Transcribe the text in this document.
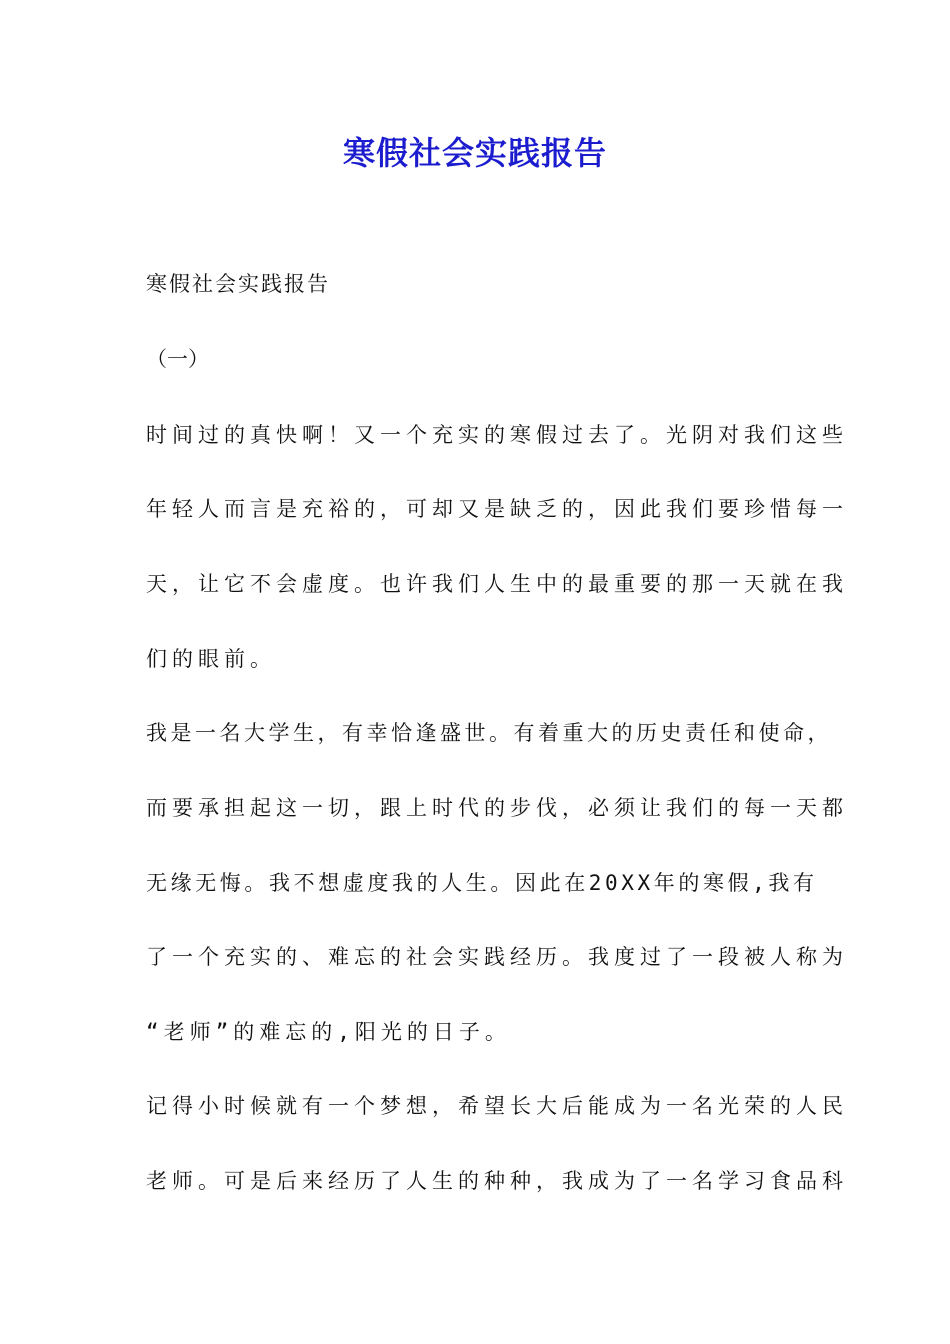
寒假社会实践报告

寒假社会实践报告

（一）

时间过的真快啊！又一个充实的寒假过去了。光阴对我们这些

年轻人而言是充裕的，可却又是缺乏的，因此我们要珍惜每一

天，让它不会虚度。也许我们人生中的最重要的那一天就在我

们的眼前。

我是一名大学生，有幸恰逢盛世。有着重大的历史责任和使命，

而要承担起这一切，跟上时代的步伐，必须让我们的每一天都

无缘无悔。我不想虚度我的人生。因此在20XX年的寒假,我有

了一个充实的、难忘的社会实践经历。我度过了一段被人称为

“老师”的难忘的,阳光的日子。

记得小时候就有一个梦想，希望长大后能成为一名光荣的人民

老师。可是后来经历了人生的种种，我成为了一名学习食品科
